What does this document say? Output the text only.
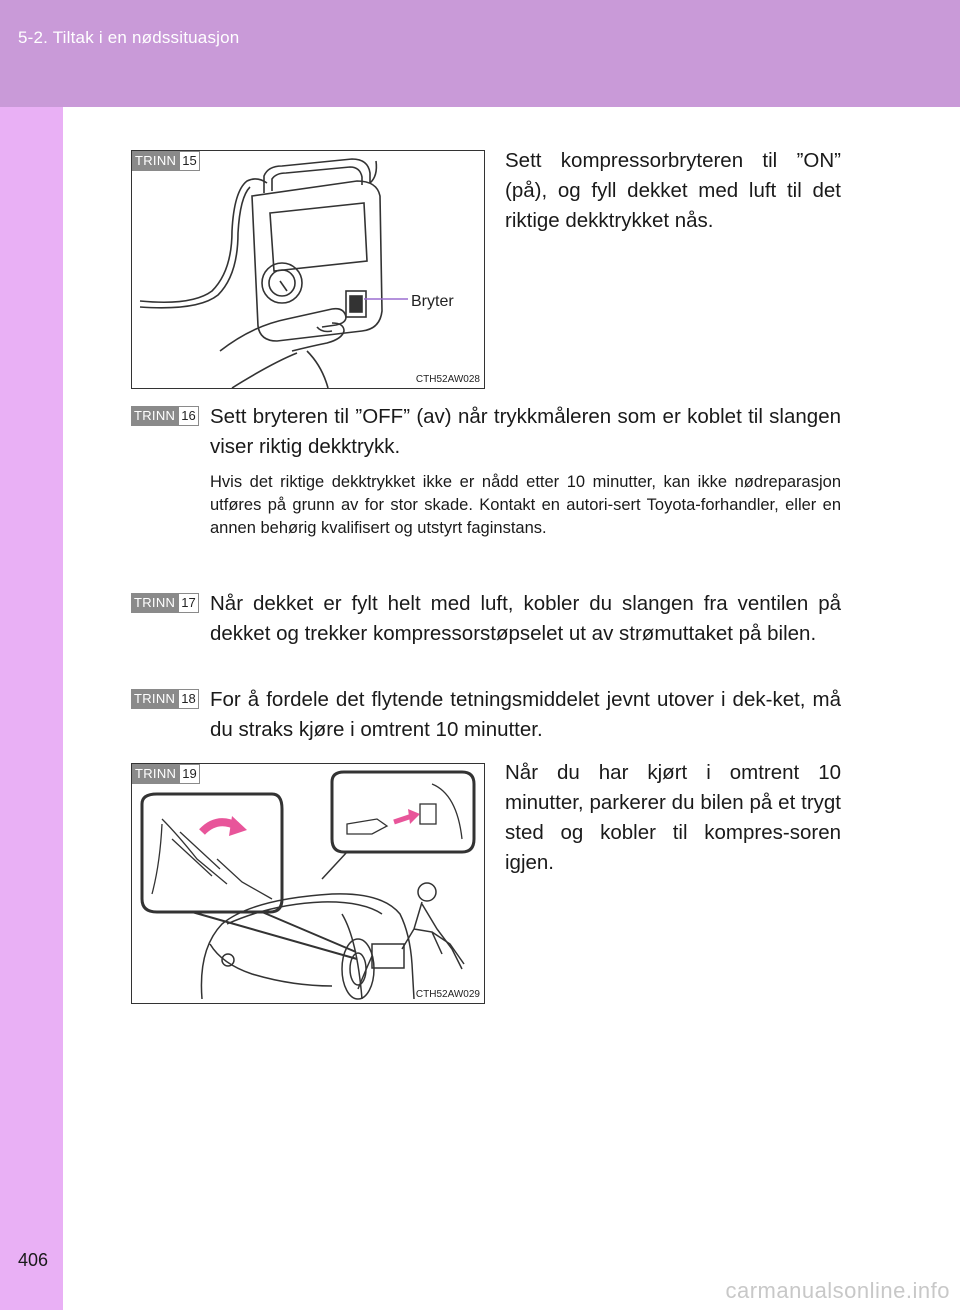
5-2. Tiltak i en nødssituasjon
TRINN 15
Bryter
CTH52AW028
Sett kompressorbryteren til ”ON” (på), og fyll dekket med luft til det riktige dekktrykket nås.
TRINN 16 Sett bryteren til ”OFF” (av) når trykkmåleren som er koblet til slangen viser riktig dekktrykk.
Hvis det riktige dekktrykket ikke er nådd etter 10 minutter, kan ikke nødreparasjon utføres på grunn av for stor skade. Kontakt en autori-sert Toyota-forhandler, eller en annen behørig kvalifisert og utstyrt faginstans.
TRINN 17 Når dekket er fylt helt med luft, kobler du slangen fra ventilen på dekket og trekker kompressorstøpselet ut av strømuttaket på bilen.
TRINN 18 For å fordele det flytende tetningsmiddelet jevnt utover i dek-ket, må du straks kjøre i omtrent 10 minutter.
TRINN 19
CTH52AW029
Når du har kjørt i omtrent 10 minutter, parkerer du bilen på et trygt sted og kobler til kompres-soren igjen.
406
carmanualsonline.info
